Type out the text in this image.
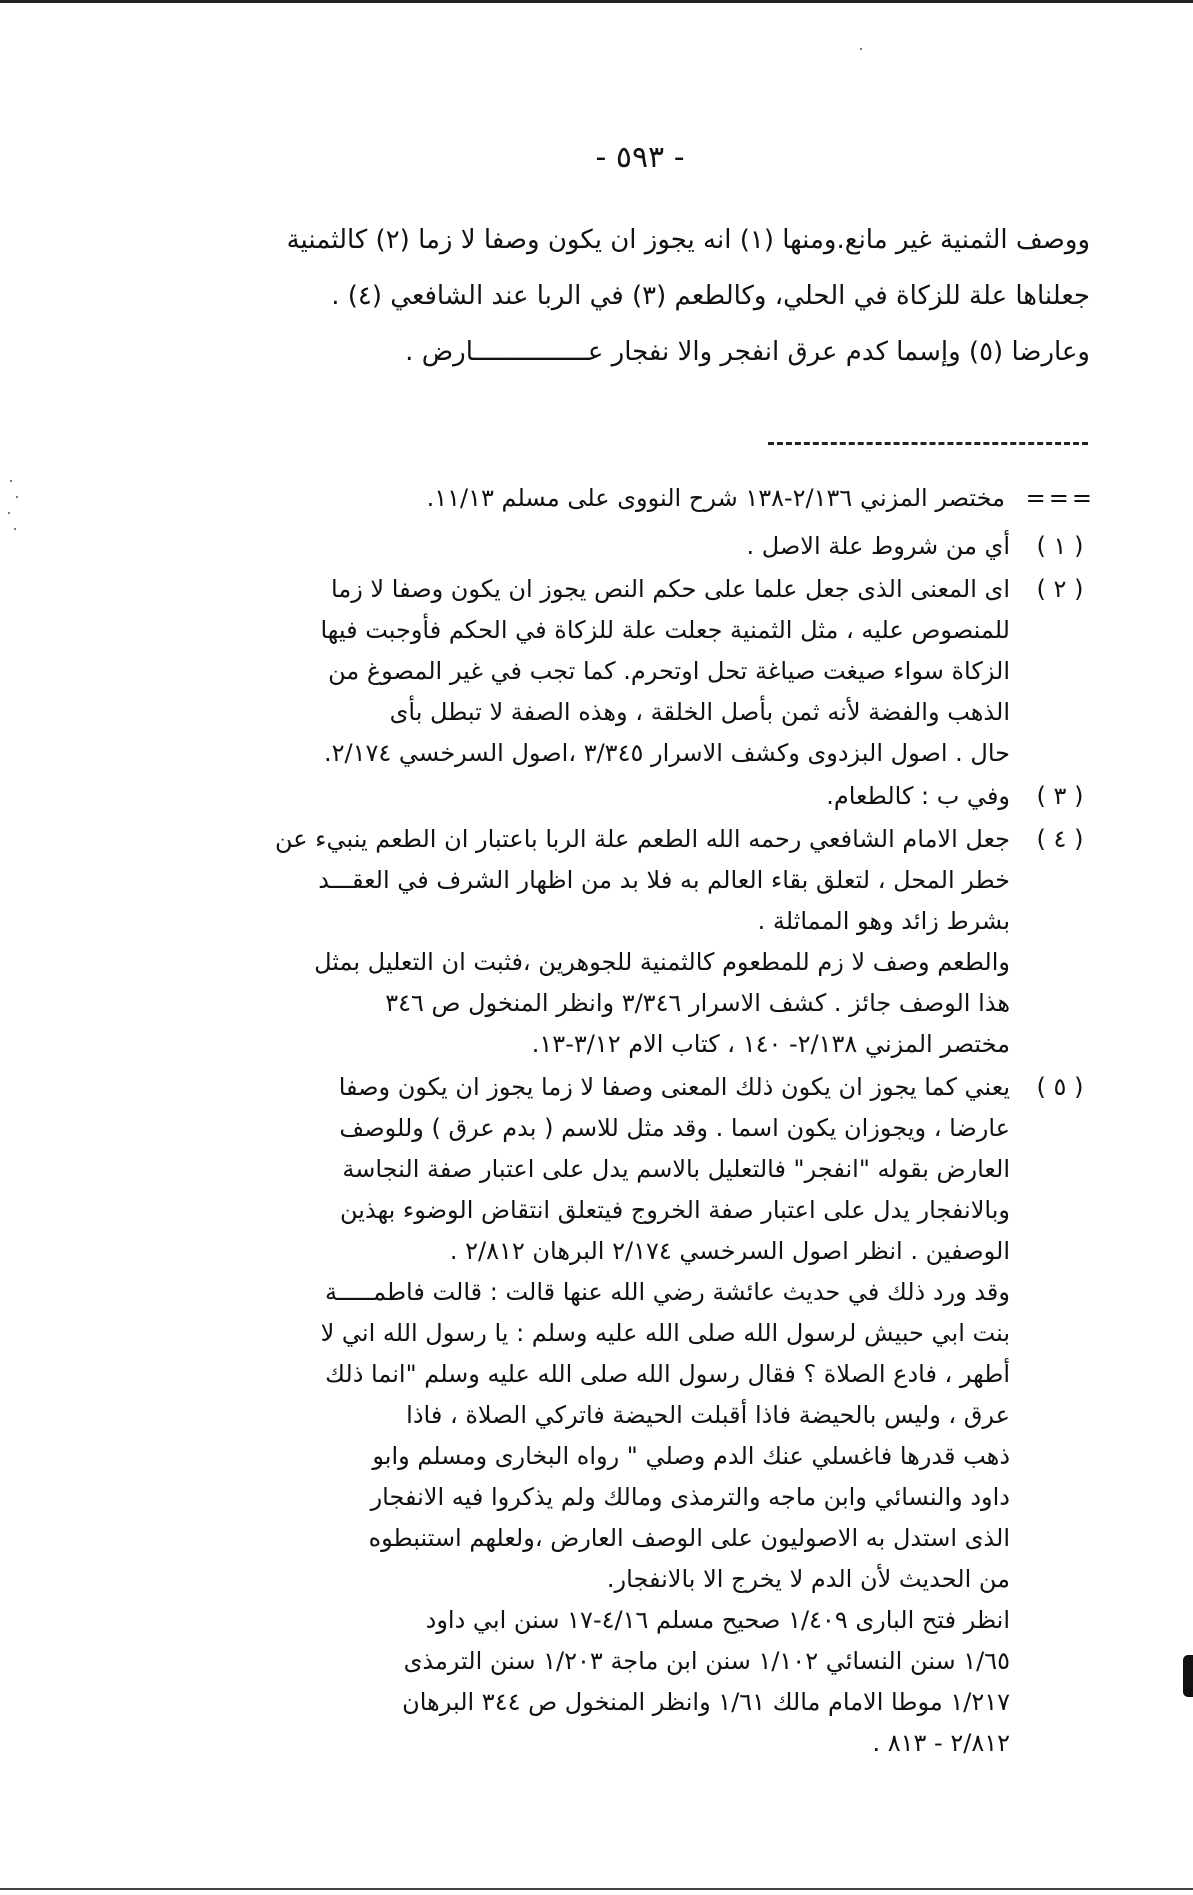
- ٥٩٣ -

ووصف الثمنية غير مانع.ومنها (١) انه يجوز ان يكون وصفا لا زما (٢) كالثمنية

جعلناها علة للزكاة في الحلي، وكالطعم (٣) في الربا عند الشافعي (٤) .

وعارضا (٥) وإسما كدم عرق انفجر والا نفجار عـــــــــــــــارض .

===
مختصر المزني ٢/١٣٦-١٣٨ شرح النووى على مسلم ١١/١٣.
( ١ )

أي من شروط علة الاصل .

( ٢ )

اى المعنى الذى جعل علما على حكم النص يجوز ان يكون وصفا لا زما

للمنصوص عليه ، مثل الثمنية جعلت علة للزكاة في الحكم فأوجبت فيها

الزكاة سواء صيغت صياغة تحل اوتحرم. كما تجب في غير المصوغ من

الذهب والفضة لأنه ثمن بأصل الخلقة ، وهذه الصفة لا تبطل بأى

حال . اصول البزدوى وكشف الاسرار ٣/٣٤٥ ،اصول السرخسي ٢/١٧٤.

( ٣ )

وفي ب : كالطعام.

( ٤ )

جعل الامام الشافعي رحمه الله الطعم علة الربا باعتبار ان الطعم ينبيء عن

خطر المحل ، لتعلق بقاء العالم به فلا بد من اظهار الشرف في العقـــد

بشرط زائد وهو المماثلة .

والطعم وصف لا زم للمطعوم كالثمنية للجوهرين ،فثبت ان التعليل بمثل

هذا الوصف جائز . كشف الاسرار ٣/٣٤٦ وانظر المنخول ص ٣٤٦

مختصر المزني ٢/١٣٨- ١٤٠ ، كتاب الام ٣/١٢-١٣.

( ٥ )

يعني كما يجوز ان يكون ذلك المعنى وصفا لا زما يجوز ان يكون وصفا

عارضا ، ويجوزان يكون اسما . وقد مثل للاسم ( بدم عرق ) وللوصف

العارض بقوله "انفجر" فالتعليل بالاسم يدل على اعتبار صفة النجاسة

وبالانفجار يدل على اعتبار صفة الخروج فيتعلق انتقاض الوضوء بهذين

الوصفين . انظر اصول السرخسي ٢/١٧٤ البرهان ٢/٨١٢ .

وقد ورد ذلك في حديث عائشة رضي الله عنها قالت : قالت فاطمـــــة

بنت ابي حبيش لرسول الله صلى الله عليه وسلم : يا رسول الله اني لا

أطهر ، فادع الصلاة ؟ فقال رسول الله صلى الله عليه وسلم "انما ذلك

عرق ، وليس بالحيضة فاذا أقبلت الحيضة فاتركي الصلاة ، فاذا

ذهب قدرها فاغسلي عنك الدم وصلي " رواه البخارى ومسلم وابو

داود والنسائي وابن ماجه والترمذى ومالك ولم يذكروا فيه الانفجار

الذى استدل به الاصوليون على الوصف العارض ،ولعلهم استنبطوه

من الحديث لأن الدم لا يخرج الا بالانفجار.

انظر فتح البارى ١/٤٠٩ صحيح مسلم ٤/١٦-١٧ سنن ابي داود

١/٦٥ سنن النسائي ١/١٠٢ سنن ابن ماجة ١/٢٠٣ سنن الترمذى

١/٢١٧ موطا الامام مالك ١/٦١ وانظر المنخول ص ٣٤٤ البرهان

٢/٨١٢ - ٨١٣ .
